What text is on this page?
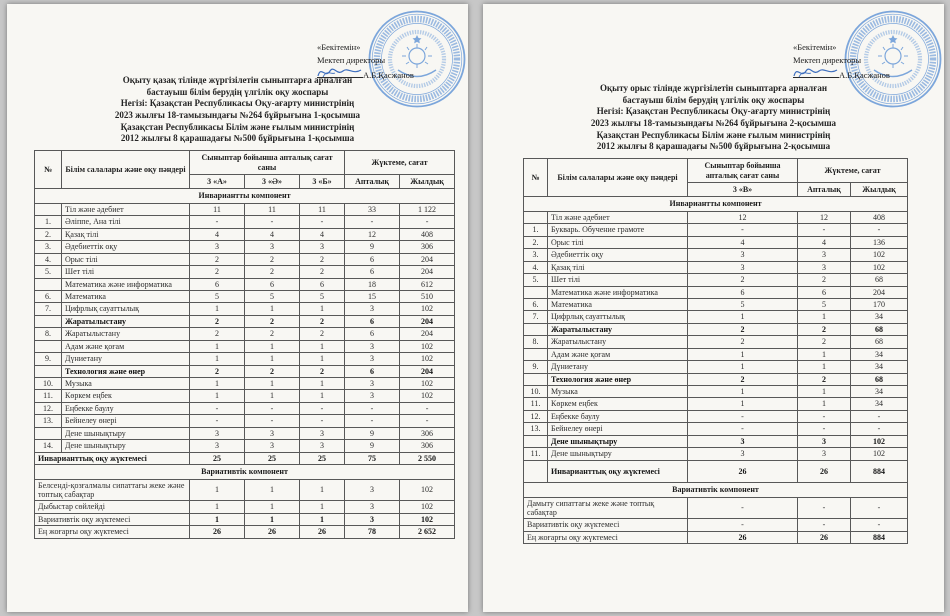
«Бекітемін»
Мектеп директоры
А.Б.Қасжанов
Оқыту қазақ тілінде жүргізілетін сыныптарға арналған
бастауыш білім берудің үлгілік оқу жоспары
Негізі: Қазақстан Республикасы Оқу-ағарту министрінің
2023 жылғы 18-тамызындағы №264 бұйрығына 1-қосымша
Қазақстан Республикасы Білім және ғылым министрінің
2012 жылғы 8 қарашадағы №500 бұйрығына 1-қосымша
№	Білім салалары және оқу пәндері	Сыныптар бойынша апталық сағат саны			Жүктеме, сағат	
		3 «А»	3 «Ә»	3 «Б»	Апталық	Жылдық
Инвариантты компонент						
	Тіл және әдебиет	11	11	11	33	1 122
1.	Әліппе, Ана тілі	-	-	-	-	-
2.	Қазақ тілі	4	4	4	12	408
3.	Әдебиеттік оқу	3	3	3	9	306
4.	Орыс тілі	2	2	2	6	204
5.	Шет тілі	2	2	2	6	204
	Математика және информатика	6	6	6	18	612
6.	Математика	5	5	5	15	510
7.	Цифрлық сауаттылық	1	1	1	3	102
	Жаратылыстану	2	2	2	6	204
8.	Жаратылыстану	2	2	2	6	204
	Адам және қоғам	1	1	1	3	102
9.	Дүниетану	1	1	1	3	102
	Технология және өнер	2	2	2	6	204
10.	Музыка	1	1	1	3	102
11.	Көркем еңбек	1	1	1	3	102
12.	Еңбекке баулу	-	-	-	-	-
13.	Бейнелеу өнері	-	-	-	-	-
	Дене шынықтыру	3	3	3	9	306
14.	Дене шынықтыру	3	3	3	9	306
Инварианттық оқу жүктемесі		25	25	25	75	2 550
Вариативтік компонент						
Белсенді-қозғалмалы сипаттағы жеке және топтық сабақтар		1	1	1	3	102
Дыбыстар сөйлейді		1	1	1	3	102
Вариативтік оқу жүктемесі		1	1	1	3	102
Ең жоғарғы оқу жүктемесі		26	26	26	78	2 652
«Бекітемін»
Мектеп директоры
А.Б.Қасжанов
Оқыту орыс тілінде жүргізілетін сыныптарға арналған
бастауыш білім берудің үлгілік оқу жоспары
Негізі: Қазақстан Республикасы Оқу-ағарту министрінің
2023 жылғы 18-тамызындағы №264 бұйрығына 2-қосымша
Қазақстан Республикасы Білім және ғылым министрінің
2012 жылғы 8 қарашадағы №500 бұйрығына 2-қосымша
№	Білім салалары және оқу пәндері	Сыныптар бойынша апталық сағат саны	Жүктеме, сағат	
		3 «В»	Апталық	Жылдық
Инвариантты компонент				
	Тіл және әдебиет	12	12	408
1.	Букварь. Обучение грамоте	-	-	-
2.	Орыс тілі	4	4	136
3.	Әдебиеттік оқу	3	3	102
4.	Қазақ тілі	3	3	102
5.	Шет тілі	2	2	68
	Математика және информатика	6	6	204
6.	Математика	5	5	170
7.	Цифрлық сауаттылық	1	1	34
	Жаратылыстану	2	2	68
8.	Жаратылыстану	2	2	68
	Адам және қоғам	1	1	34
9.	Дүниетану	1	1	34
	Технология және өнер	2	2	68
10.	Музыка	1	1	34
11.	Көркем еңбек	1	1	34
12.	Еңбекке баулу	-	-	-
13.	Бейнелеу өнері	-	-	-
	Дене шынықтыру	3	3	102
11.	Дене шынықтыру	3	3	102
	Инварианттық оқу жүктемесі	26	26	884
Вариативтік компонент				
Дамыту сипаттағы жеке және топтық сабақтар		-	-	-
Вариативтік оқу жүктемесі		-	-	-
Ең жоғарғы оқу жүктемесі		26	26	884
